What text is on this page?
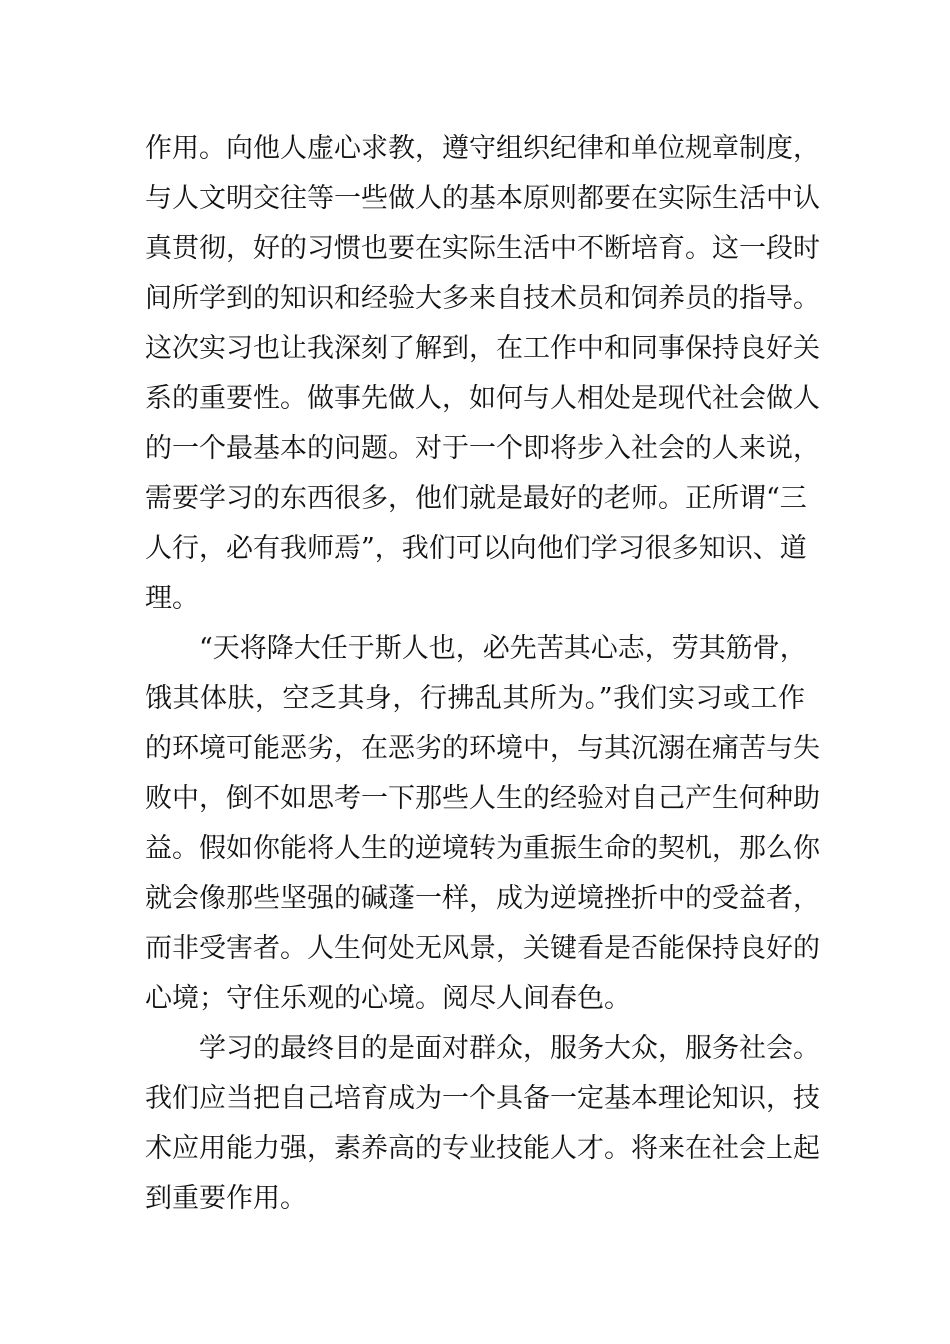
作用。向他人虚心求教，遵守组织纪律和单位规章制度，
与人文明交往等一些做人的基本原则都要在实际生活中认
真贯彻，好的习惯也要在实际生活中不断培育。这一段时
间所学到的知识和经验大多来自技术员和饲养员的指导。
这次实习也让我深刻了解到，在工作中和同事保持良好关
系的重要性。做事先做人，如何与人相处是现代社会做人
的一个最基本的问题。对于一个即将步入社会的人来说，
需要学习的东西很多，他们就是最好的老师。正所谓“三
人行，必有我师焉”，我们可以向他们学习很多知识、道
理。
“天将降大任于斯人也，必先苦其心志，劳其筋骨，
饿其体肤，空乏其身，行拂乱其所为。”我们实习或工作
的环境可能恶劣，在恶劣的环境中，与其沉溺在痛苦与失
败中，倒不如思考一下那些人生的经验对自己产生何种助
益。假如你能将人生的逆境转为重振生命的契机，那么你
就会像那些坚强的碱蓬一样，成为逆境挫折中的受益者，
而非受害者。人生何处无风景，关键看是否能保持良好的
心境；守住乐观的心境。阅尽人间春色。
学习的最终目的是面对群众，服务大众，服务社会。
我们应当把自己培育成为一个具备一定基本理论知识，技
术应用能力强，素养高的专业技能人才。将来在社会上起
到重要作用。
